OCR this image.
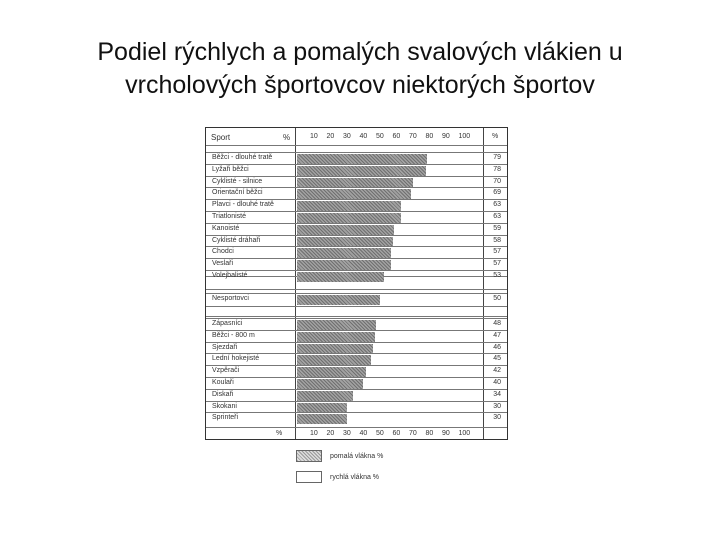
Podiel rýchlych a pomalých svalových vlákien u
vrcholových športovcov niektorých športov
Sport	%	%
%
10
10
20
20
30
30
40
40
50
50
60
60
70
70
80
80
90
90
100
100
Běžci - dlouhé tratě	79
Lyžaři běžci	78
Cyklisté - silnice	70
Orientační běžci	69
Plavci - dlouhé tratě	63
Triatlonisté	63
Kanoisté	59
Cyklisté dráhaři	58
Chodci	57
Veslaři	57
Volejbalisté	53
Nesportovci	50
Zápasníci	48
Běžci - 800 m	47
Sjezdaři	46
Lední hokejisté	45
Vzpěrači	42
Koulaři	40
Diskaři	34
Skokani	30
Sprinteři	30
pomalá vlákna %
rychlá vlákna %
